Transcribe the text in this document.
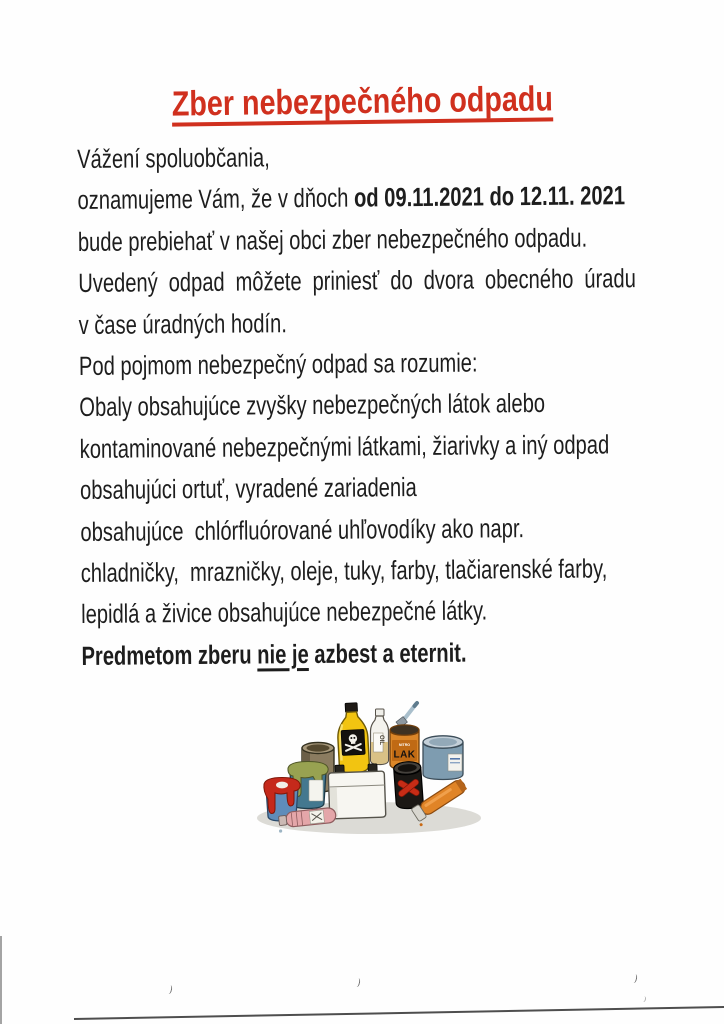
Zber nebezpečného odpadu
Vážení spoluobčania,
oznamujeme Vám, že v dňoch od 09.11.2021 do 12.11. 2021
bude prebiehať v našej obci zber nebezpečného odpadu.
Uvedený odpad môžete priniesť do dvora obecného úradu
v čase úradných hodín.
Pod pojmom nebezpečný odpad sa rozumie:
Obaly obsahujúce zvyšky nebezpečných látok alebo
kontaminované nebezpečnými látkami, žiarivky a iný odpad
obsahujúci ortuť, vyradené zariadenia
obsahujúce  chlórfluórované uhľovodíky ako napr.
chladničky,  mrazničky, oleje, tuky, farby, tlačiarenské farby,
lepidlá a živice obsahujúce nebezpečné látky.
Predmetom zberu nie je azbest a eternit.
OIL	NITRO
LAK
